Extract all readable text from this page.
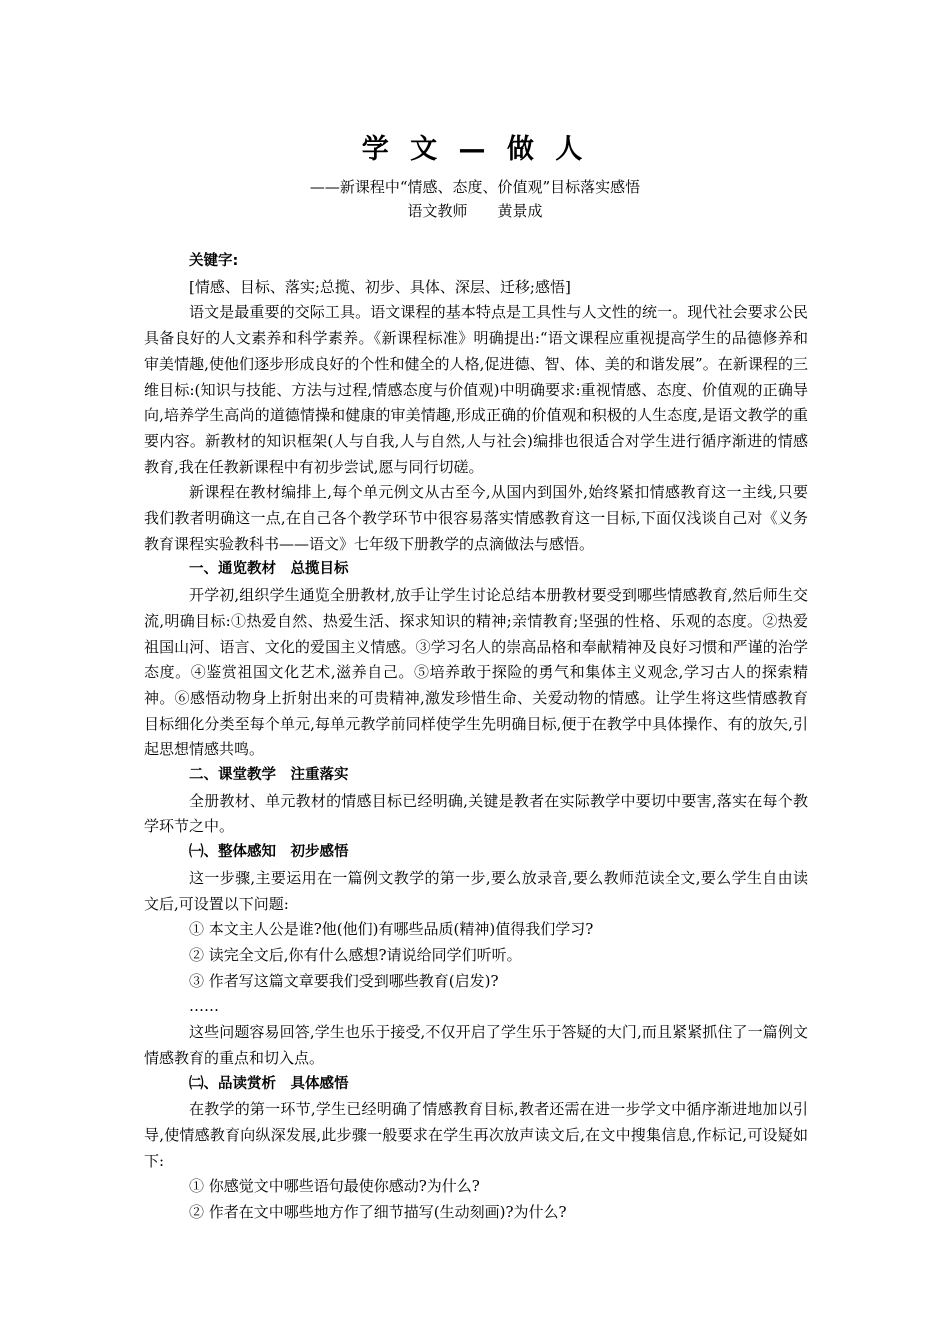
学 文 — 做 人
——新课程中“情感、态度、价值观”目标落实感悟
语文教师 黄景成

关键字:

[情感、目标、落实;总揽、初步、具体、深层、迁移;感悟]

语文是最重要的交际工具。语文课程的基本特点是工具性与人文性的统一。现代社会要求公民具备良好的人文素养和科学素养。《新课程标准》明确提出:“语文课程应重视提高学生的品德修养和审美情趣,使他们逐步形成良好的个性和健全的人格,促进德、智、体、美的和谐发展”。在新课程的三维目标:(知识与技能、方法与过程,情感态度与价值观)中明确要求:重视情感、态度、价值观的正确导向,培养学生高尚的道德情操和健康的审美情趣,形成正确的价值观和积极的人生态度,是语文教学的重要内容。新教材的知识框架(人与自我,人与自然,人与社会)编排也很适合对学生进行循序渐进的情感教育,我在任教新课程中有初步尝试,愿与同行切磋。

新课程在教材编排上,每个单元例文从古至今,从国内到国外,始终紧扣情感教育这一主线,只要我们教者明确这一点,在自己各个教学环节中很容易落实情感教育这一目标,下面仅浅谈自己对《义务教育课程实验教科书——语文》七年级下册教学的点滴做法与感悟。

一、通览教材　总揽目标

开学初,组织学生通览全册教材,放手让学生讨论总结本册教材要受到哪些情感教育,然后师生交流,明确目标:①热爱自然、热爱生活、探求知识的精神;亲情教育;坚强的性格、乐观的态度。②热爱祖国山河、语言、文化的爱国主义情感。③学习名人的崇高品格和奉献精神及良好习惯和严谨的治学态度。④鉴赏祖国文化艺术,滋养自己。⑤培养敢于探险的勇气和集体主义观念,学习古人的探索精神。⑥感悟动物身上折射出来的可贵精神,激发珍惜生命、关爱动物的情感。让学生将这些情感教育目标细化分类至每个单元,每单元教学前同样使学生先明确目标,便于在教学中具体操作、有的放矢,引起思想情感共鸣。

二、课堂教学　注重落实

全册教材、单元教材的情感目标已经明确,关键是教者在实际教学中要切中要害,落实在每个教学环节之中。

㈠、整体感知　初步感悟

这一步骤,主要运用在一篇例文教学的第一步,要么放录音,要么教师范读全文,要么学生自由读文后,可设置以下问题:

① 本文主人公是谁?他(他们)有哪些品质(精神)值得我们学习?
② 读完全文后,你有什么感想?请说给同学们听听。
③ 作者写这篇文章要我们受到哪些教育(启发)?
……

这些问题容易回答,学生也乐于接受,不仅开启了学生乐于答疑的大门,而且紧紧抓住了一篇例文情感教育的重点和切入点。

㈡、品读赏析　具体感悟

在教学的第一环节,学生已经明确了情感教育目标,教者还需在进一步学文中循序渐进地加以引导,使情感教育向纵深发展,此步骤一般要求在学生再次放声读文后,在文中搜集信息,作标记,可设疑如下:

① 你感觉文中哪些语句最使你感动?为什么?
② 作者在文中哪些地方作了细节描写(生动刻画)?为什么?
